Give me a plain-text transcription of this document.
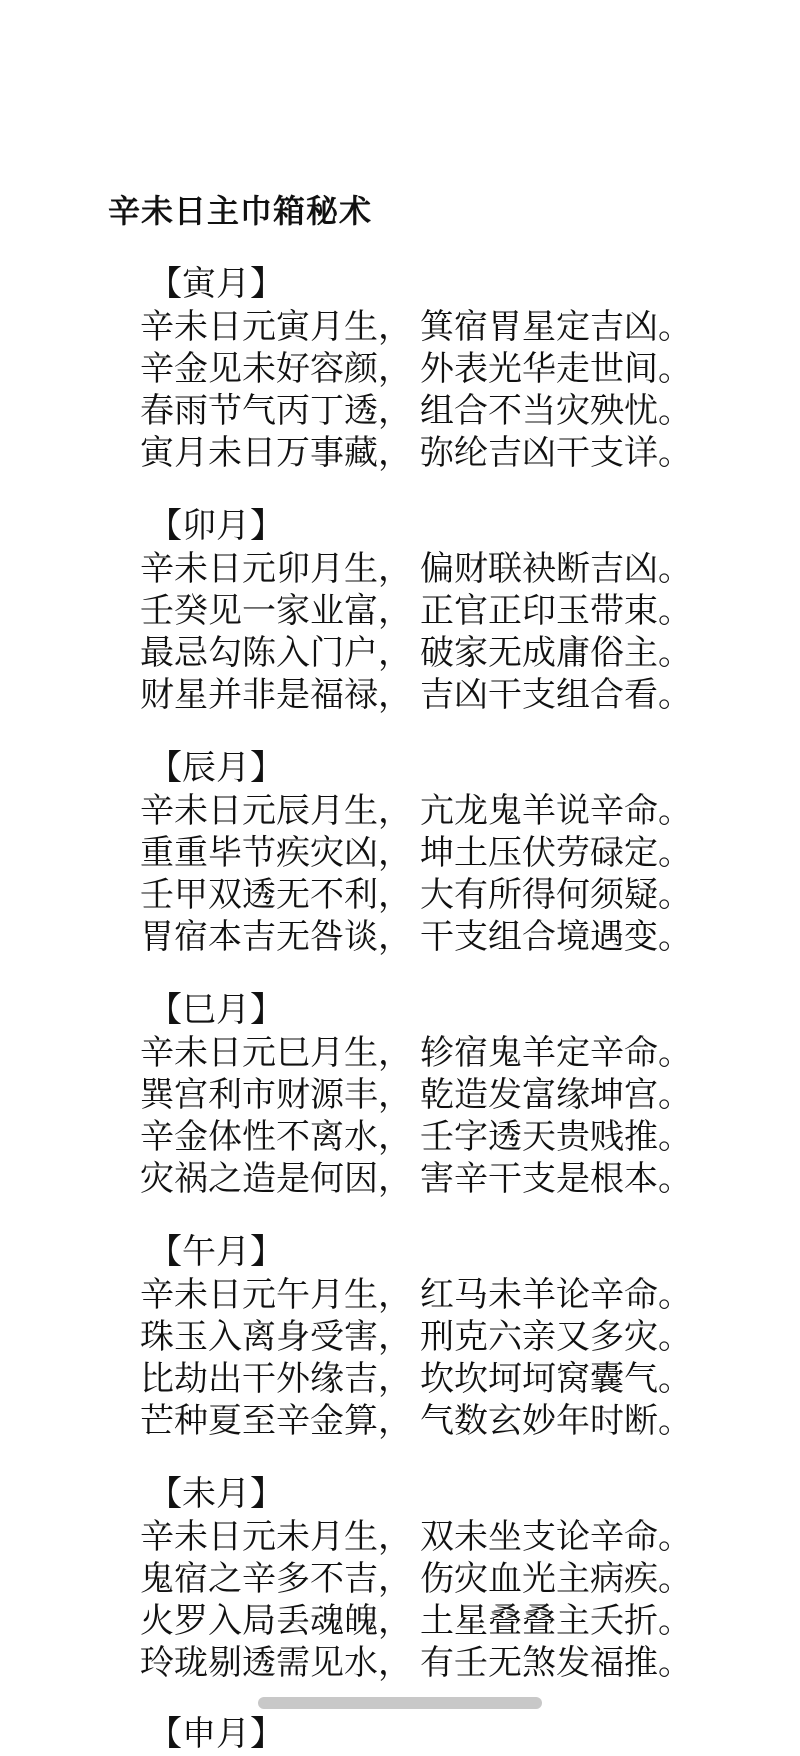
辛未日主巾箱秘术
【寅月】
辛未日元寅月生， 箕宿胃星定吉凶。
辛金见未好容颜， 外表光华走世间。
春雨节气丙丁透， 组合不当灾殃忧。
寅月未日万事藏， 弥纶吉凶干支详。
【卯月】
辛未日元卯月生， 偏财联袂断吉凶。
壬癸见一家业富， 正官正印玉带束。
最忌勾陈入门户， 破家无成庸俗主。
财星并非是福禄， 吉凶干支组合看。
【辰月】
辛未日元辰月生， 亢龙鬼羊说辛命。
重重毕节疾灾凶， 坤土压伏劳碌定。
壬甲双透无不利， 大有所得何须疑。
胃宿本吉无咎谈， 干支组合境遇变。
【巳月】
辛未日元巳月生， 轸宿鬼羊定辛命。
巽宫利市财源丰， 乾造发富缘坤宫。
辛金体性不离水， 壬字透天贵贱推。
灾祸之造是何因， 害辛干支是根本。
【午月】
辛未日元午月生， 红马未羊论辛命。
珠玉入离身受害， 刑克六亲又多灾。
比劫出干外缘吉， 坎坎坷坷窝囊气。
芒种夏至辛金算， 气数玄妙年时断。
【未月】
辛未日元未月生， 双未坐支论辛命。
鬼宿之辛多不吉， 伤灾血光主病疾。
火罗入局丢魂魄， 土星叠叠主夭折。
玲珑剔透需见水， 有壬无煞发福推。
【申月】
